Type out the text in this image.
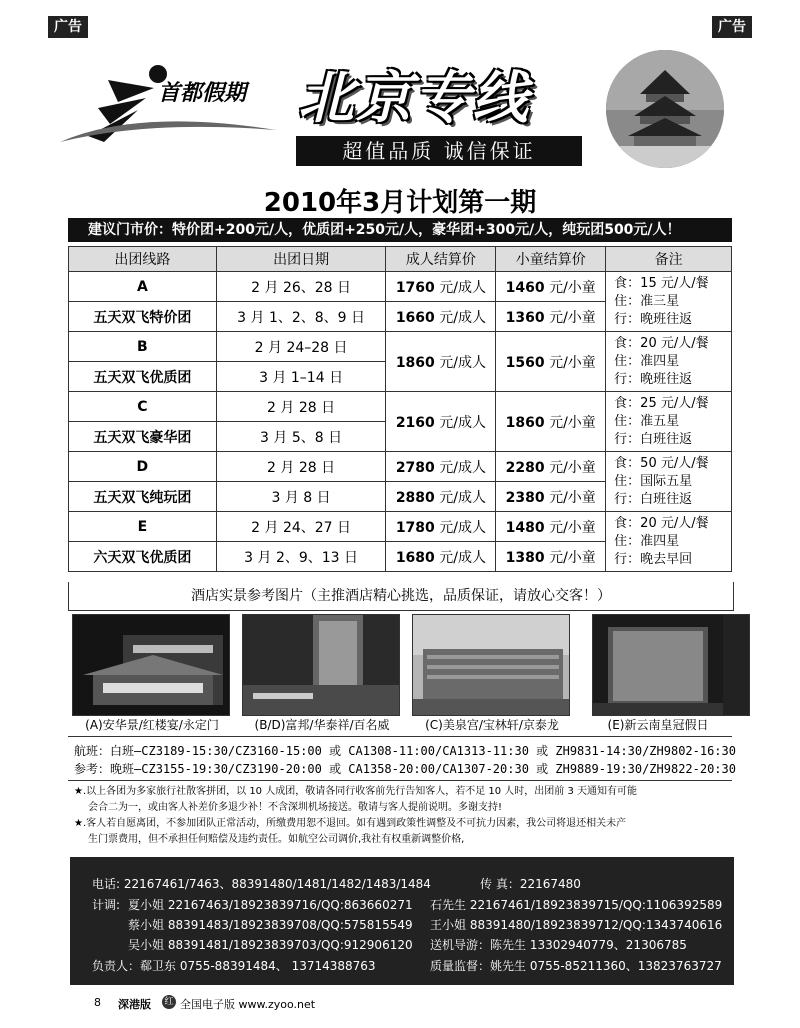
广告	广告
首都假期 北京专线
超值品质 诚信保证
2010年3月计划第一期
建议门市价：特价团+200元/人，优质团+250元/人，豪华团+300元/人，纯玩团500元/人！
出团线路	出团日期	成人结算价	小童结算价	备注
A	2 月 26、28 日	1760 元/成人	1460 元/小童	食：15 元/人/餐
住：准三星
行：晚班往返

五天双飞特价团	3 月 1、2、8、9 日	1660 元/成人	1360 元/小童	
B	2 月 24–28 日	1860 元/成人	1560 元/小童	食：20 元/人/餐
住：准四星
行：晚班往返

五天双飞优质团	3 月 1–14 日			
C	2 月 28 日	2160 元/成人	1860 元/小童	食：25 元/人/餐
住：准五星
行：白班往返

五天双飞豪华团	3 月 5、8 日			
D	2 月 28 日	2780 元/成人	2280 元/小童	食：50 元/人/餐
住：国际五星
行：白班往返

五天双飞纯玩团	3 月 8 日	2880 元/成人	2380 元/小童	
E	2 月 24、27 日	1780 元/成人	1480 元/小童	食：20 元/人/餐
住：准四星
行：晚去早回

六天双飞优质团	3 月 2、9、13 日	1680 元/成人	1380 元/小童	
酒店实景参考图片（主推酒店精心挑选，品质保证，请放心交客！）
(A)安华景/红楼宴/永定门	(B/D)富邦/华泰祥/百名威	(C)美泉宫/宝林轩/京泰龙	(E)新云南皇冠假日
航班：白班—CZ3189-15:30/CZ3160-15:00 或 CA1308-11:00/CA1313-11:30 或 ZH9831-14:30/ZH9802-16:30
参考：晚班—CZ3155-19:30/CZ3190-20:00 或 CA1358-20:00/CA1307-20:30 或 ZH9889-19:30/ZH9822-20:30
★.以上各团为多家旅行社散客拼团，以 10 人成团，敬请各同行收客前先行告知客人，若不足 10 人时，出团前 3 天通知有可能
会合二为一，或由客人补差价多退少补！不含深圳机场接送。敬请与客人提前说明。多谢支持!
★.客人若自愿离团，不参加团队正常活动，所缴费用恕不退回。如有遇到政策性调整及不可抗力因素，我公司将退还相关未产
生门票费用，但不承担任何赔偿及违约责任。如航空公司调价,我社有权重新调整价格,
电话: 22167461/7463、88391480/1481/1482/1483/1484	传 真：22167480
计调: 夏小姐 22167463/18923839716/QQ:863660271 石先生 22167461/18923839715/QQ:1106392589
蔡小姐 88391483/18923839708/QQ:575815549 王小姐 88391480/18923839712/QQ:1343740616
吴小姐 88391481/18923839703/QQ:912906120 送机导游：陈先生 13302940779、21306785
负责人：郗卫东 0755-88391484、 13714388763	质量监督：姚先生 0755-85211360、13823763727
8 深港版 红 全国电子版 www.zyoo.net
